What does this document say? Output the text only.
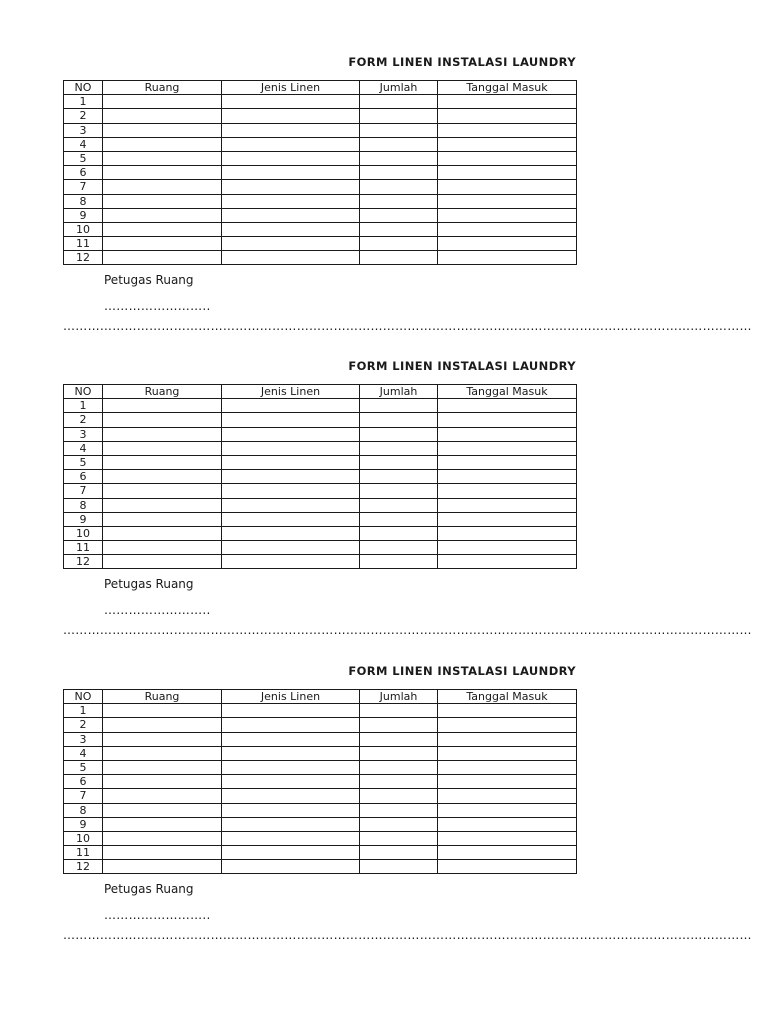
FORM LINEN INSTALASI LAUNDRY
NO	Ruang	Jenis Linen	Jumlah	Tanggal Masuk
1				
2				
3				
4				
5				
6				
7				
8				
9				
10				
11				
12				
Petugas Ruang
……………………..
……………………………………………………………………………………………………………………………………………………
FORM LINEN INSTALASI LAUNDRY
NO	Ruang	Jenis Linen	Jumlah	Tanggal Masuk
1				
2				
3				
4				
5				
6				
7				
8				
9				
10				
11				
12				
Petugas Ruang
……………………..
……………………………………………………………………………………………………………………………………………………
FORM LINEN INSTALASI LAUNDRY
NO	Ruang	Jenis Linen	Jumlah	Tanggal Masuk
1				
2				
3				
4				
5				
6				
7				
8				
9				
10				
11				
12				
Petugas Ruang
……………………..
……………………………………………………………………………………………………………………………………………………
